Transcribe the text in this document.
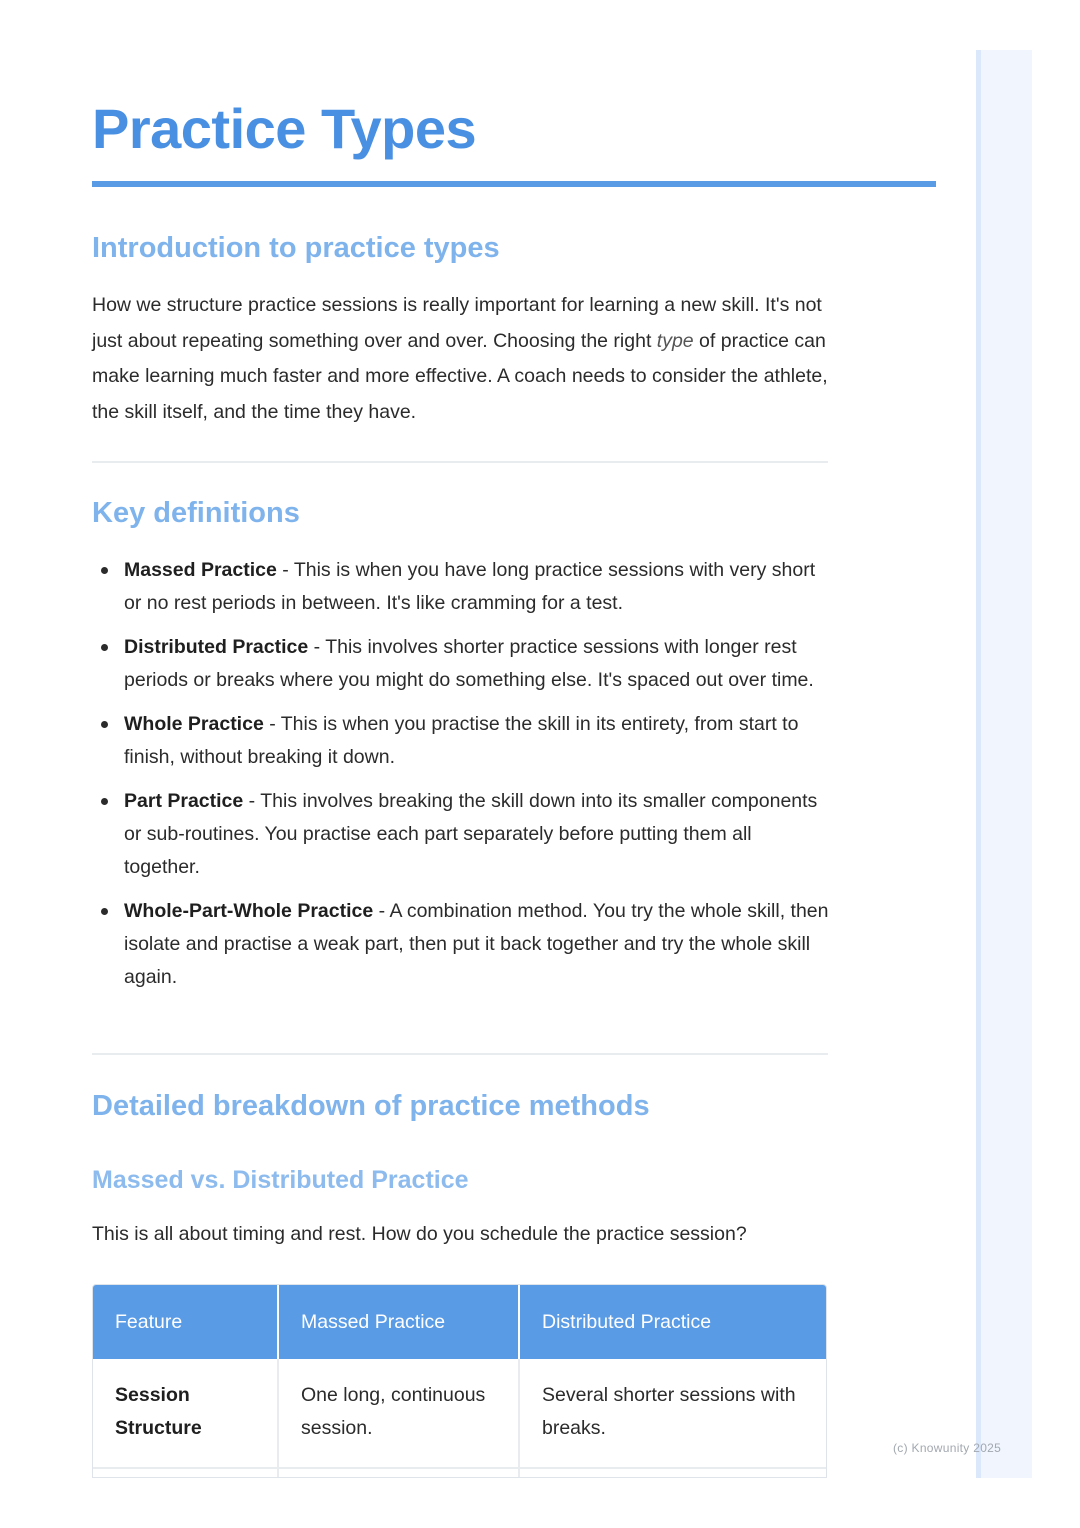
Practice Types
Introduction to practice types

How we structure practice sessions is really important for learning a new skill. It's not just about repeating something over and over. Choosing the right type of practice can make learning much faster and more effective. A coach needs to consider the athlete, the skill itself, and the time they have.

Key definitions
Massed Practice - This is when you have long practice sessions with very short or no rest periods in between. It's like cramming for a test.
Distributed Practice - This involves shorter practice sessions with longer rest periods or breaks where you might do something else. It's spaced out over time.
Whole Practice - This is when you practise the skill in its entirety, from start to finish, without breaking it down.
Part Practice - This involves breaking the skill down into its smaller components or sub-routines. You practise each part separately before putting them all together.
Whole-Part-Whole Practice - A combination method. You try the whole skill, then isolate and practise a weak part, then put it back together and try the whole skill again.
Detailed breakdown of practice methods
Massed vs. Distributed Practice

This is all about timing and rest. How do you schedule the practice session?

Feature	Massed Practice	Distributed Practice
Session Structure	One long, continuous session.	Several shorter sessions with breaks.

(c) Knowunity 2025
